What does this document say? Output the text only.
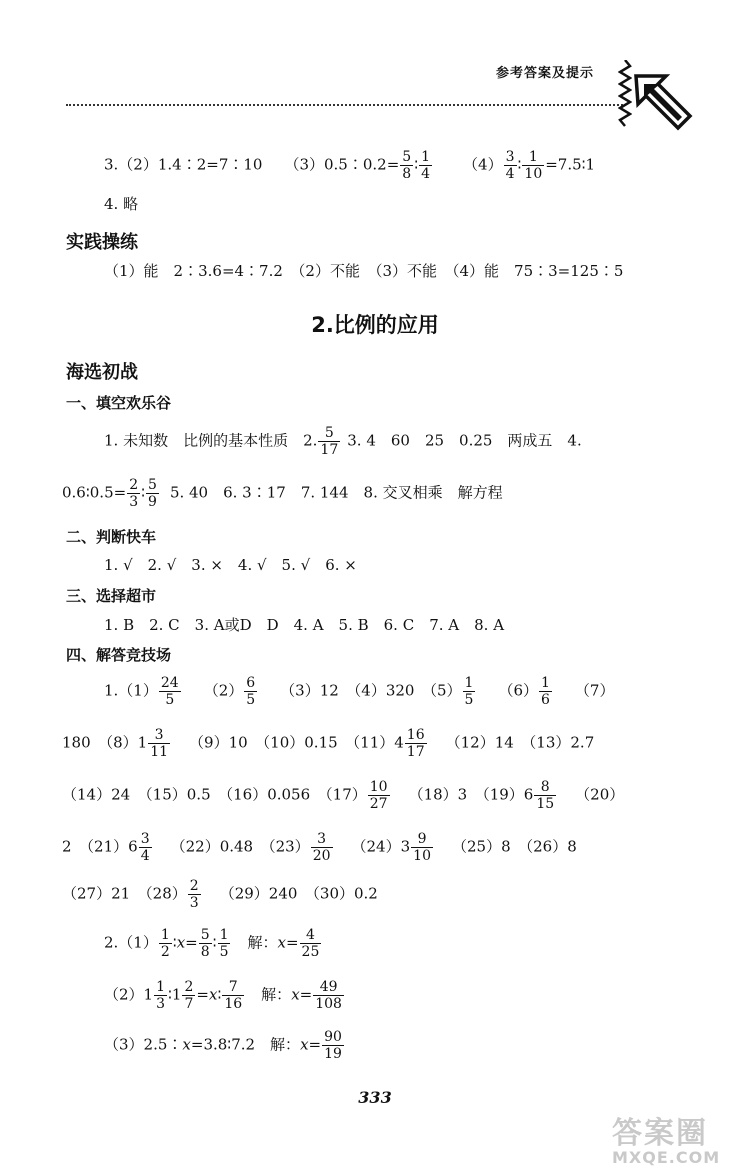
参考答案及提示
3.（2）1.4∶2=7∶10 （3）0.5∶0.2= $\frac{5}{8}$ ∶ $\frac{1}{4} (4) \frac{3}{4}$ ∶ $\frac{1}{10}$ =7.5∶1
4. 略
实践操练
（1）能　2∶3.6=4∶7.2　（2）不能　（3）不能　（4）能　75∶3=125∶5
2.比例的应用
海选初战
一、填空欢乐谷
1. 未知数　比例的基本性质　2. $\frac{5}{17} 3$. 4　60　25　0.25　两成五　4.
0.6∶0.5= $\frac{2}{3}$ ∶ $\frac{5}{9} 5$. 40　6. 3∶17　7. 144　8. 交叉相乘　解方程
二、判断快车
1. √　2. √　3. ×　4. √　5. √　6. ×
三、选择超市
1. B　2. C　3. A或D　D　4. A　5. B　6. C　7. A　8. A
四、解答竞技场
$1.(1) \frac{24}{5} (2) \frac{6}{5} (3)12$　（4）320　$(5) \frac{1}{5} (6) \frac{1}{6} (7)$
180　$(8)1 \frac{3}{11} (9)10$　（10）0.15　$(11)4 \frac{16}{17} (12)14$　（13）2.7
（14）24　（15）0.5　（16）0.056　$(17) \frac{10}{27} (18)3$　$(19)6 \frac{8}{15} (20)$
2　$(21)6 \frac{3}{4} (22)0.48$　$(23) \frac{3}{20} (24)3 \frac{9}{10} (25)8$　（26）8
（27）21　$(28) \frac{2}{3} (29)240$　（30）0.2
$2.(1) \frac{1}{2}$ ∶x= $\frac{5}{8}$ ∶ $\frac{1}{5}$ 解：$x= \frac{4}{25}$
$(2)1 \frac{1}{3}$ ∶1 $\frac{2}{7}$ =x∶ $\frac{7}{16}$ 解：$x= \frac{49}{108}$
（3）2.5∶x=3.8∶7.2　解：$x= \frac{90}{19}$
333
答案圈
MXQE.COM
